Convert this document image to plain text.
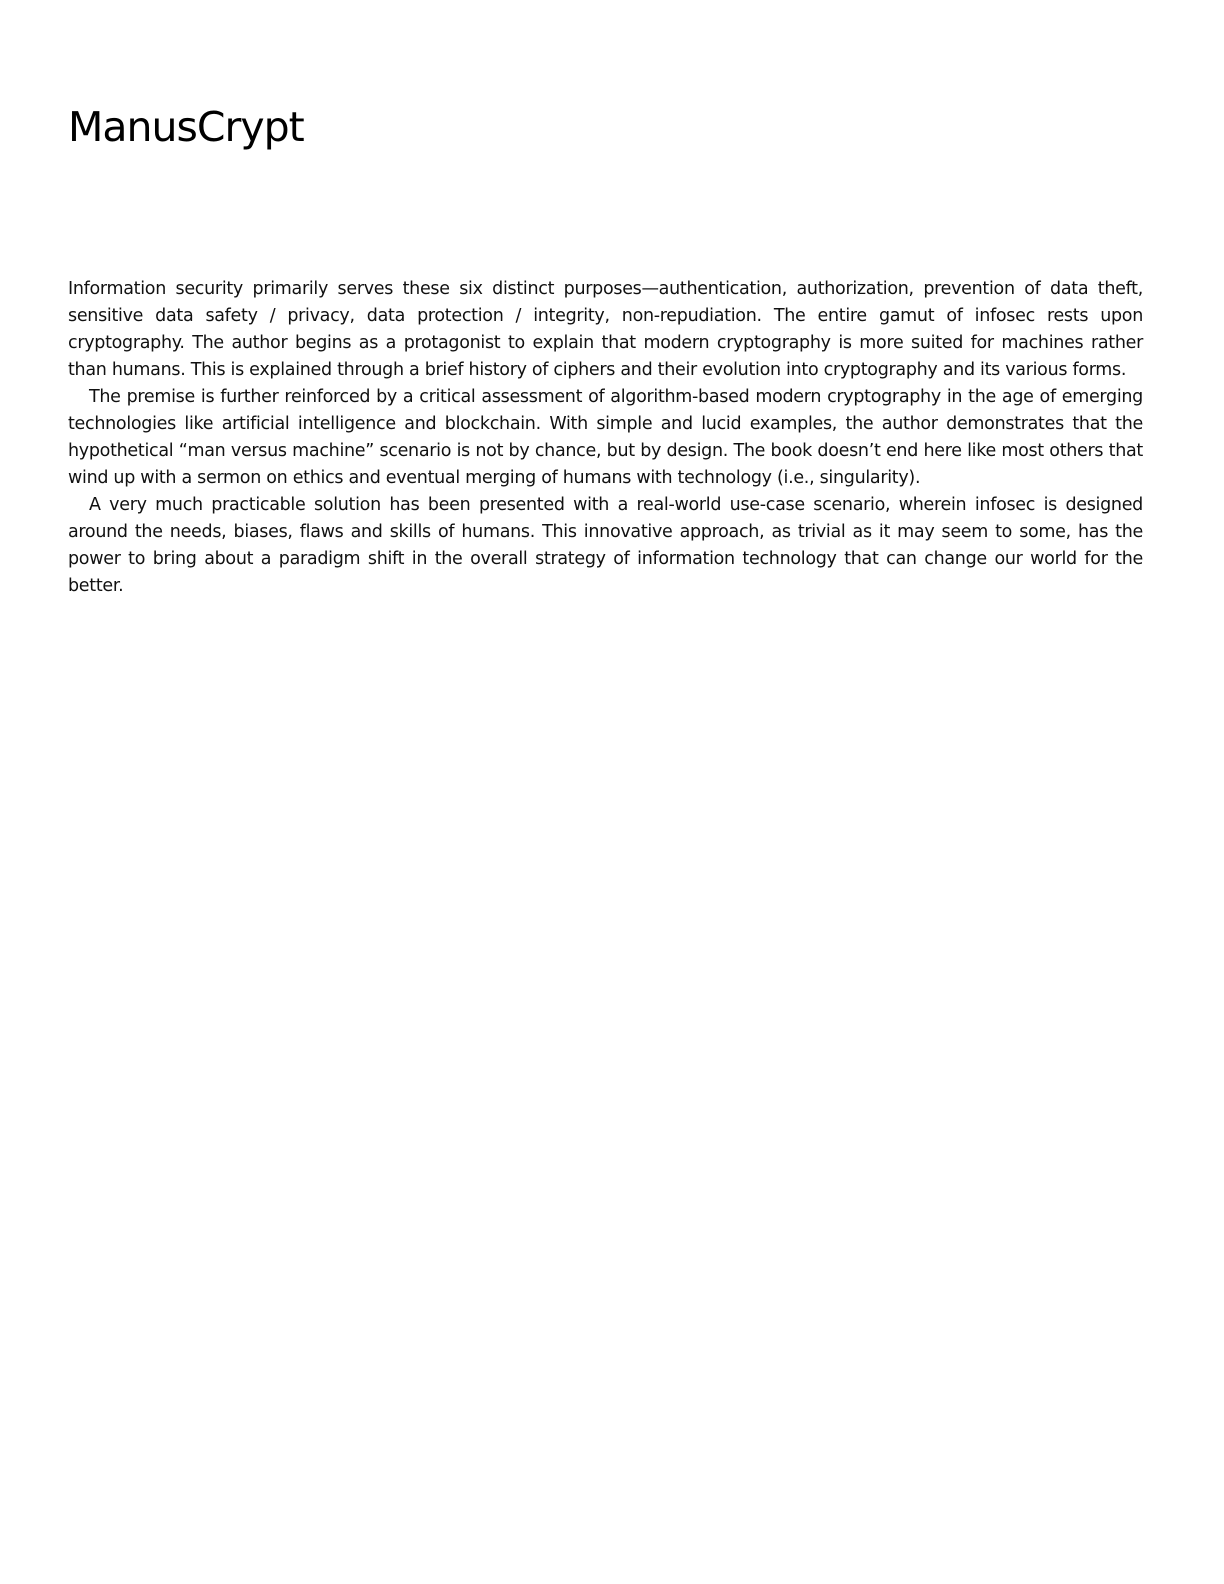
ManusCrypt

Information security primarily serves these six distinct purposes—authentication, authorization, prevention of data theft, sensitive data safety / privacy, data protection / integrity, non-repudiation. The entire gamut of infosec rests upon cryptography. The author begins as a protagonist to explain that modern cryptography is more suited for machines rather than humans. This is explained through a brief history of ciphers and their evolution into cryptography and its various forms.

The premise is further reinforced by a critical assessment of algorithm-based modern cryptography in the age of emerging technologies like artificial intelligence and blockchain. With simple and lucid examples, the author demonstrates that the hypothetical “man versus machine” scenario is not by chance, but by design. The book doesn’t end here like most others that wind up with a sermon on ethics and eventual merging of humans with technology (i.e., singularity).

A very much practicable solution has been presented with a real-world use-case scenario, wherein infosec is designed around the needs, biases, flaws and skills of humans. This innovative approach, as trivial as it may seem to some, has the power to bring about a paradigm shift in the overall strategy of information technology that can change our world for the better.
